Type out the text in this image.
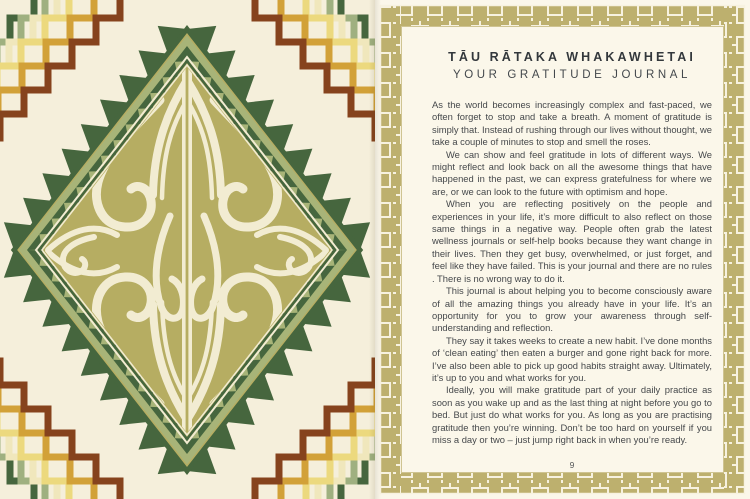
TĀU RĀTAKA WHAKAWHETAI
YOUR GRATITUDE JOURNAL

As the world becomes increasingly complex and fast-paced, we often forget to stop and take a breath. A moment of gratitude is simply that. Instead of rushing through our lives without thought, we take a couple of minutes to stop and smell the roses.

We can show and feel gratitude in lots of different ways. We might reflect and look back on all the awesome things that have happened in the past, we can express gratefulness for where we are, or we can look to the future with optimism and hope.

When you are reflecting positively on the people and experiences in your life, it’s more difficult to also reflect on those same things in a negative way. People often grab the latest wellness journals or self-help books because they want change in their lives. Then they get busy, overwhelmed, or just forget, and feel like they have failed. This is your journal and there are no rules . There is no wrong way to do it.

This journal is about helping you to become consciously aware of all the amazing things you already have in your life. It’s an opportunity for you to grow your awareness through self-understanding and reflection.

They say it takes weeks to create a new habit. I’ve done months of ‘clean eating’ then eaten a burger and gone right back for more. I’ve also been able to pick up good habits straight away. Ultimately, it’s up to you and what works for you.

Ideally, you will make gratitude part of your daily practice as soon as you wake up and as the last thing at night before you go to bed. But just do what works for you. As long as you are practising gratitude then you’re winning. Don’t be too hard on yourself if you miss a day or two – just jump right back in when you’re ready.

9
